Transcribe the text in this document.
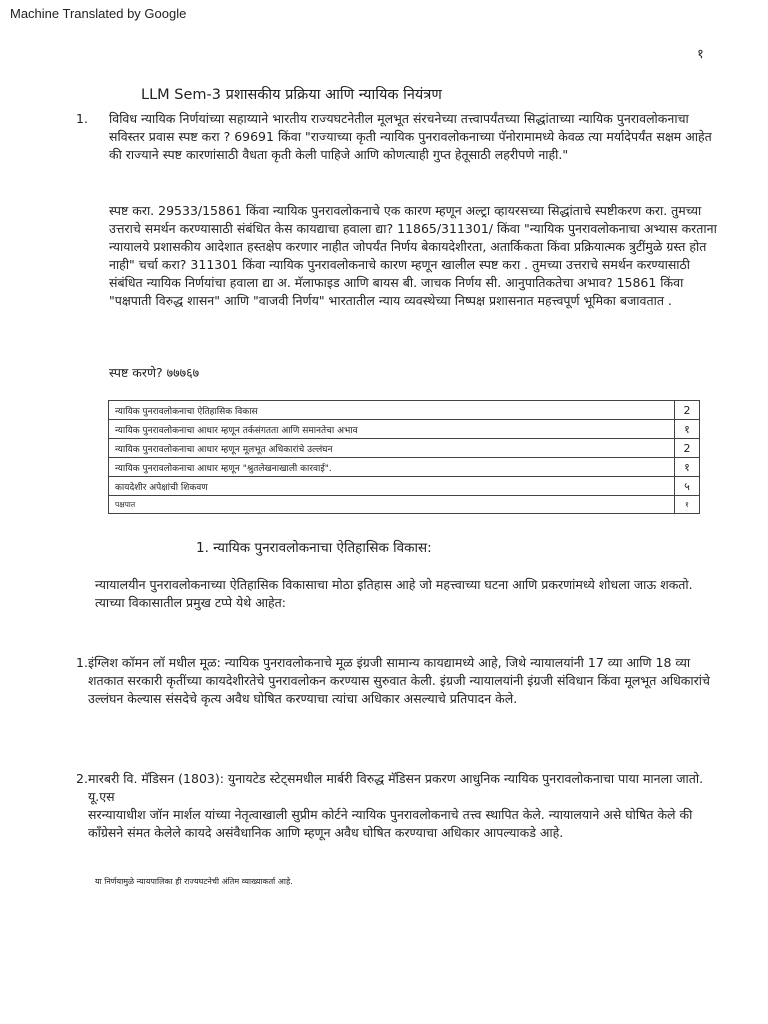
Machine Translated by Google
१
LLM Sem-3 प्रशासकीय प्रक्रिया आणि न्यायिक नियंत्रण
1.	विविध न्यायिक निर्णयांच्या सहाय्याने भारतीय राज्यघटनेतील मूलभूत संरचनेच्या तत्त्वापर्यंतच्या सिद्धांताच्या न्यायिक पुनरावलोकनाचा सविस्तर प्रवास स्पष्ट करा ? 69691 किंवा "राज्याच्या कृती न्यायिक पुनरावलोकनाच्या पॅनोरामामध्ये केवळ त्या मर्यादेपर्यंत सक्षम आहेत की राज्याने स्पष्ट कारणांसाठी वैधता कृती केली पाहिजे आणि कोणत्याही गुप्त हेतूसाठी लहरीपणे नाही."
स्पष्ट करा. 29533/15861 किंवा न्यायिक पुनरावलोकनाचे एक कारण म्हणून अल्ट्रा व्हायरसच्या सिद्धांताचे स्पष्टीकरण करा. तुमच्या उत्तराचे समर्थन करण्यासाठी संबंधित केस कायद्याचा हवाला द्या? 11865/311301/ किंवा "न्यायिक पुनरावलोकनाचा अभ्यास करताना न्यायालये प्रशासकीय आदेशात हस्तक्षेप करणार नाहीत जोपर्यंत निर्णय बेकायदेशीरता, अतार्किकता किंवा प्रक्रियात्मक त्रुटींमुळे ग्रस्त होत नाही" चर्चा करा? 311301 किंवा न्यायिक पुनरावलोकनाचे कारण म्हणून खालील स्पष्ट करा . तुमच्या उत्तराचे समर्थन करण्यासाठी संबंधित न्यायिक निर्णयांचा हवाला द्या अ. मॅलाफाइड आणि बायस बी. जाचक निर्णय सी. आनुपातिकतेचा अभाव? 15861 किंवा "पक्षपाती विरुद्ध शासन" आणि "वाजवी निर्णय" भारतातील न्याय व्यवस्थेच्या निष्पक्ष प्रशासनात महत्त्वपूर्ण भूमिका बजावतात .
स्पष्ट करणे? ७७७६७
न्यायिक पुनरावलोकनाचा ऐतिहासिक विकास	2
न्यायिक पुनरावलोकनाचा आधार म्हणून तर्कसंगतता आणि समानतेचा अभाव	१
न्यायिक पुनरावलोकनाचा आधार म्हणून मूलभूत अधिकारांचे उल्लंघन	2
न्यायिक पुनरावलोकनाचा आधार म्हणून "श्रुतलेखनाखाली कारवाई".	१
कायदेशीर अपेक्षांची शिकवण	५
पक्षपात	१
1. न्यायिक पुनरावलोकनाचा ऐतिहासिक विकास:
न्यायालयीन पुनरावलोकनाच्या ऐतिहासिक विकासाचा मोठा इतिहास आहे जो महत्त्वाच्या घटना आणि प्रकरणांमध्ये शोधला जाऊ शकतो. त्याच्या विकासातील प्रमुख टप्पे येथे आहेत:
1. इंग्लिश कॉमन लॉ मधील मूळ: न्यायिक पुनरावलोकनाचे मूळ इंग्रजी सामान्य कायद्यामध्ये आहे, जिथे न्यायालयांनी 17 व्या आणि 18 व्या शतकात सरकारी कृतींच्या कायदेशीरतेचे पुनरावलोकन करण्यास सुरुवात केली. इंग्रजी न्यायालयांनी इंग्रजी संविधान किंवा मूलभूत अधिकारांचे उल्लंघन केल्यास संसदेचे कृत्य अवैध घोषित करण्याचा त्यांचा अधिकार असल्याचे प्रतिपादन केले.
2. मारबरी वि. मॅडिसन (1803): युनायटेड स्टेट्समधील मार्बरी विरुद्ध मॅडिसन प्रकरण आधुनिक न्यायिक पुनरावलोकनाचा पाया मानला जातो.
यू.एस
सरन्यायाधीश जॉन मार्शल यांच्या नेतृत्वाखाली सुप्रीम कोर्टने न्यायिक पुनरावलोकनाचे तत्त्व स्थापित केले. न्यायालयाने असे घोषित केले की काँग्रेसने संमत केलेले कायदे असंवैधानिक आणि म्हणून अवैध घोषित करण्याचा अधिकार आपल्याकडे आहे.
या निर्णयामुळे न्यायपालिका ही राज्यघटनेची अंतिम व्याख्याकर्ता आहे.
